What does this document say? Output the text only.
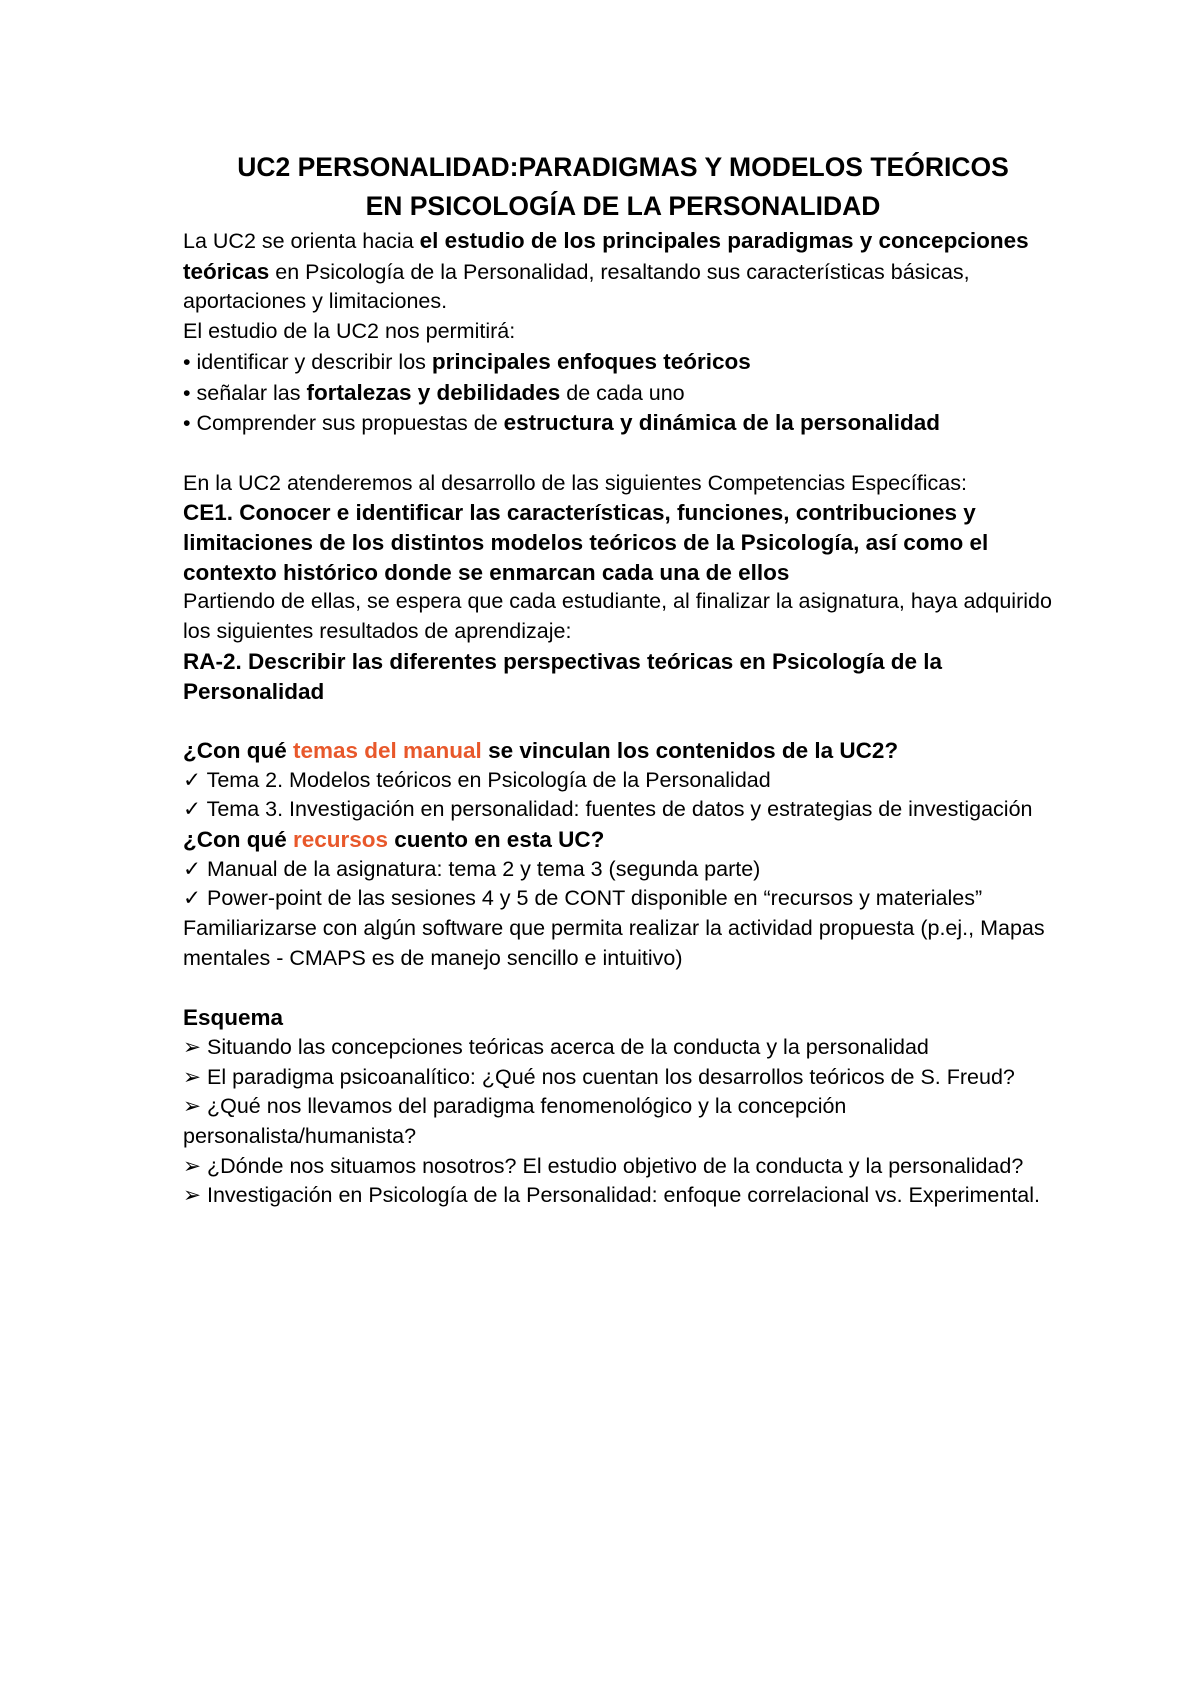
UC2 PERSONALIDAD:PARADIGMAS Y MODELOS TEÓRICOS
EN PSICOLOGÍA DE LA PERSONALIDAD

La UC2 se orienta hacia el estudio de los principales paradigmas y concepciones teóricas en Psicología de la Personalidad, resaltando sus características básicas, aportaciones y limitaciones.

El estudio de la UC2 nos permitirá:

• identificar y describir los principales enfoques teóricos

• señalar las fortalezas y debilidades de cada uno

• Comprender sus propuestas de estructura y dinámica de la personalidad

En la UC2 atenderemos al desarrollo de las siguientes Competencias Específicas:

CE1. Conocer e identificar las características, funciones, contribuciones y limitaciones de los distintos modelos teóricos de la Psicología, así como el contexto histórico donde se enmarcan cada una de ellos

Partiendo de ellas, se espera que cada estudiante, al finalizar la asignatura, haya adquirido los siguientes resultados de aprendizaje:

RA-2. Describir las diferentes perspectivas teóricas en Psicología de la Personalidad

¿Con qué temas del manual se vinculan los contenidos de la UC2?

✓ Tema 2. Modelos teóricos en Psicología de la Personalidad

✓ Tema 3. Investigación en personalidad: fuentes de datos y estrategias de investigación

¿Con qué recursos cuento en esta UC?

✓ Manual de la asignatura: tema 2 y tema 3 (segunda parte)

✓ Power-point de las sesiones 4 y 5 de CONT disponible en “recursos y materiales”

Familiarizarse con algún software que permita realizar la actividad propuesta (p.ej., Mapas mentales - CMAPS es de manejo sencillo e intuitivo)

Esquema

➢ Situando las concepciones teóricas acerca de la conducta y la personalidad

➢ El paradigma psicoanalítico: ¿Qué nos cuentan los desarrollos teóricos de S. Freud?

➢ ¿Qué nos llevamos del paradigma fenomenológico y la concepción personalista/humanista?

➢ ¿Dónde nos situamos nosotros? El estudio objetivo de la conducta y la personalidad?

➢ Investigación en Psicología de la Personalidad: enfoque correlacional vs. Experimental.
